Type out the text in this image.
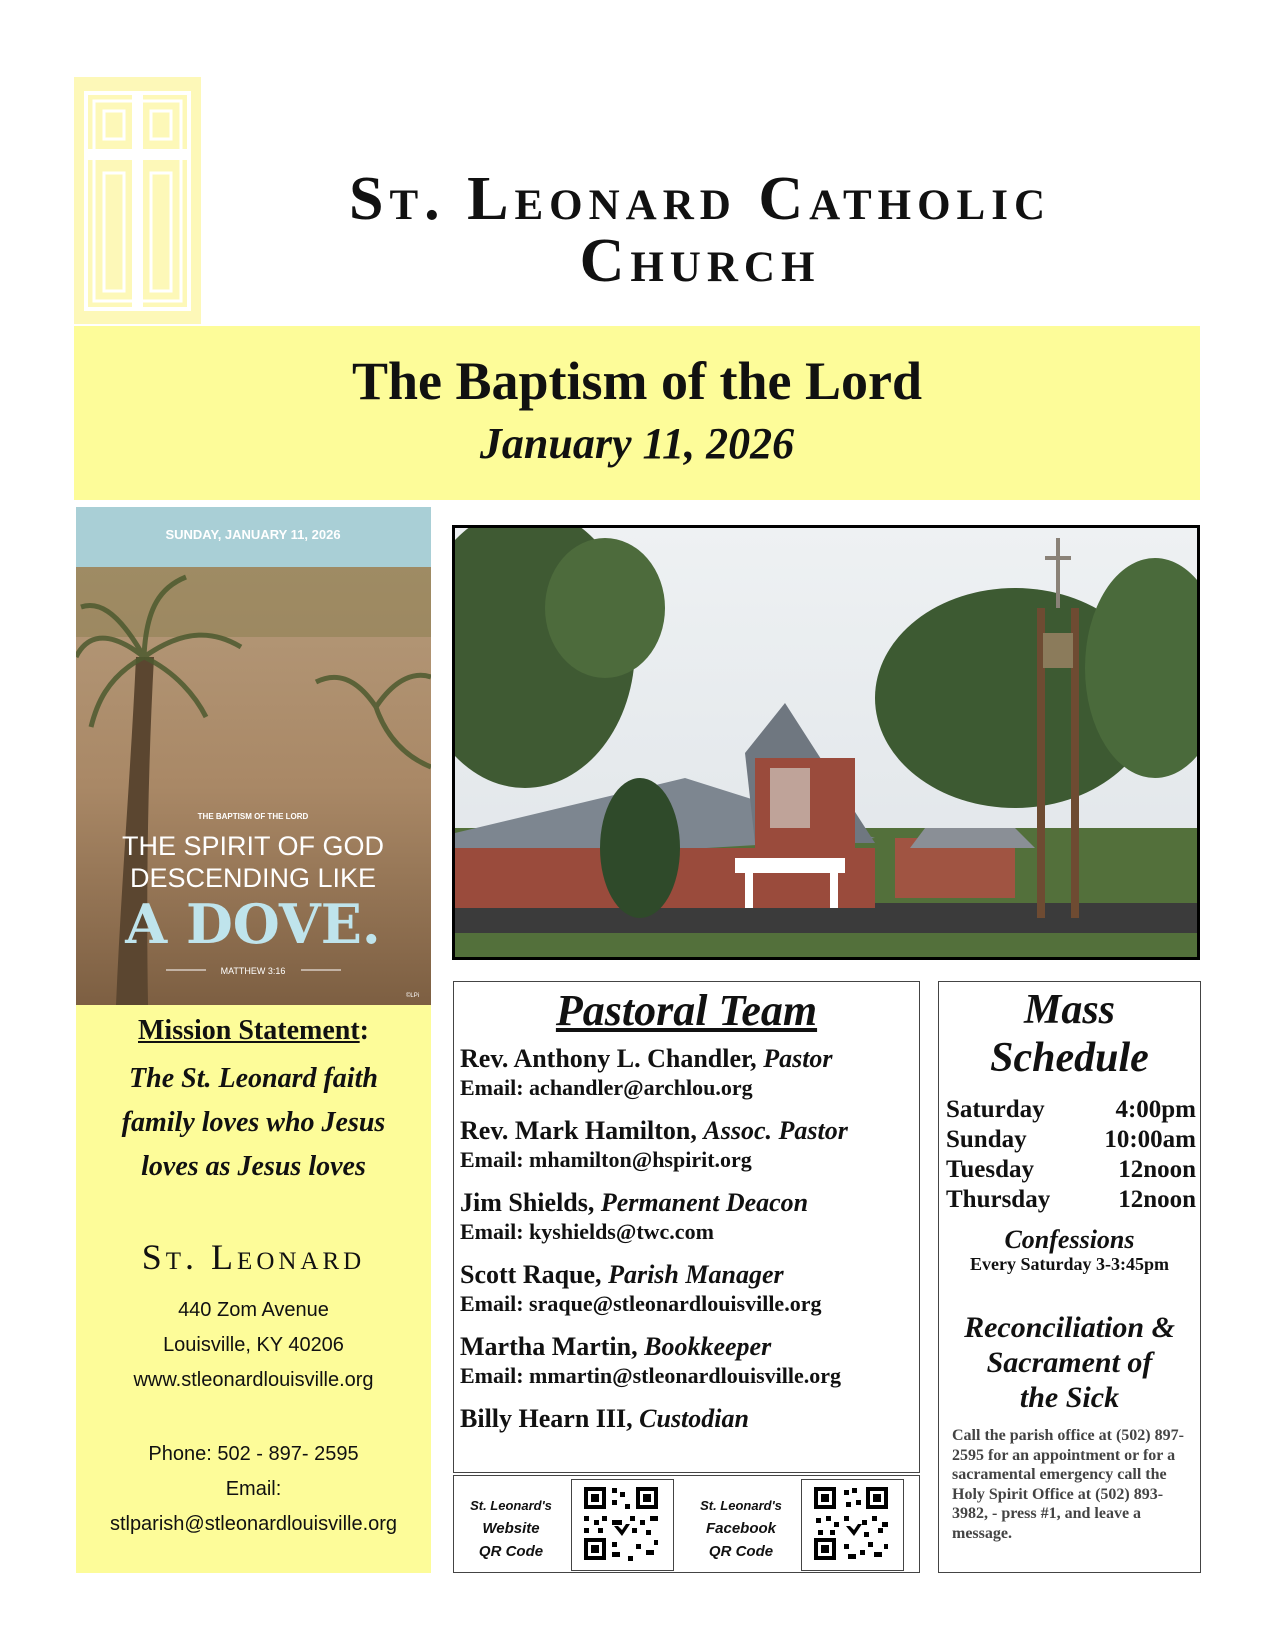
St. Leonard Catholic
Church
The Baptism of the Lord
January 11, 2026
SUNDAY, JANUARY 11, 2026
THE BAPTISM OF THE LORD
THE SPIRIT OF GOD
DESCENDING LIKE
A DOVE.
MATTHEW 3:16
©LPi
Mission Statement:
The St. Leonard faith
family loves who Jesus
loves as Jesus loves
St. Leonard
440 Zom Avenue
Louisville, KY 40206
www.stleonardlouisville.org
Phone: 502 - 897- 2595
Email:
stlparish@stleonardlouisville.org
Pastoral Team
Rev. Anthony L. Chandler, Pastor
Email: achandler@archlou.org
Rev. Mark Hamilton, Assoc. Pastor
Email: mhamilton@hspirit.org
Jim Shields, Permanent Deacon
Email: kyshields@twc.com
Scott Raque, Parish Manager
Email: sraque@stleonardlouisville.org
Martha Martin, Bookkeeper
Email: mmartin@stleonardlouisville.org
Billy Hearn III, Custodian
St. Leonard's
Website
QR Code
St. Leonard's
Facebook
QR Code
Mass
Schedule
Saturday	4:00pm
Sunday	10:00am
Tuesday	12noon
Thursday	12noon
Confessions
Every Saturday 3-3:45pm
Reconciliation &
Sacrament of
the Sick
Call the parish office at (502) 897-2595 for an appointment or for a sacramental emergency call the Holy Spirit Office at (502) 893-3982, - press #1, and leave a message.
